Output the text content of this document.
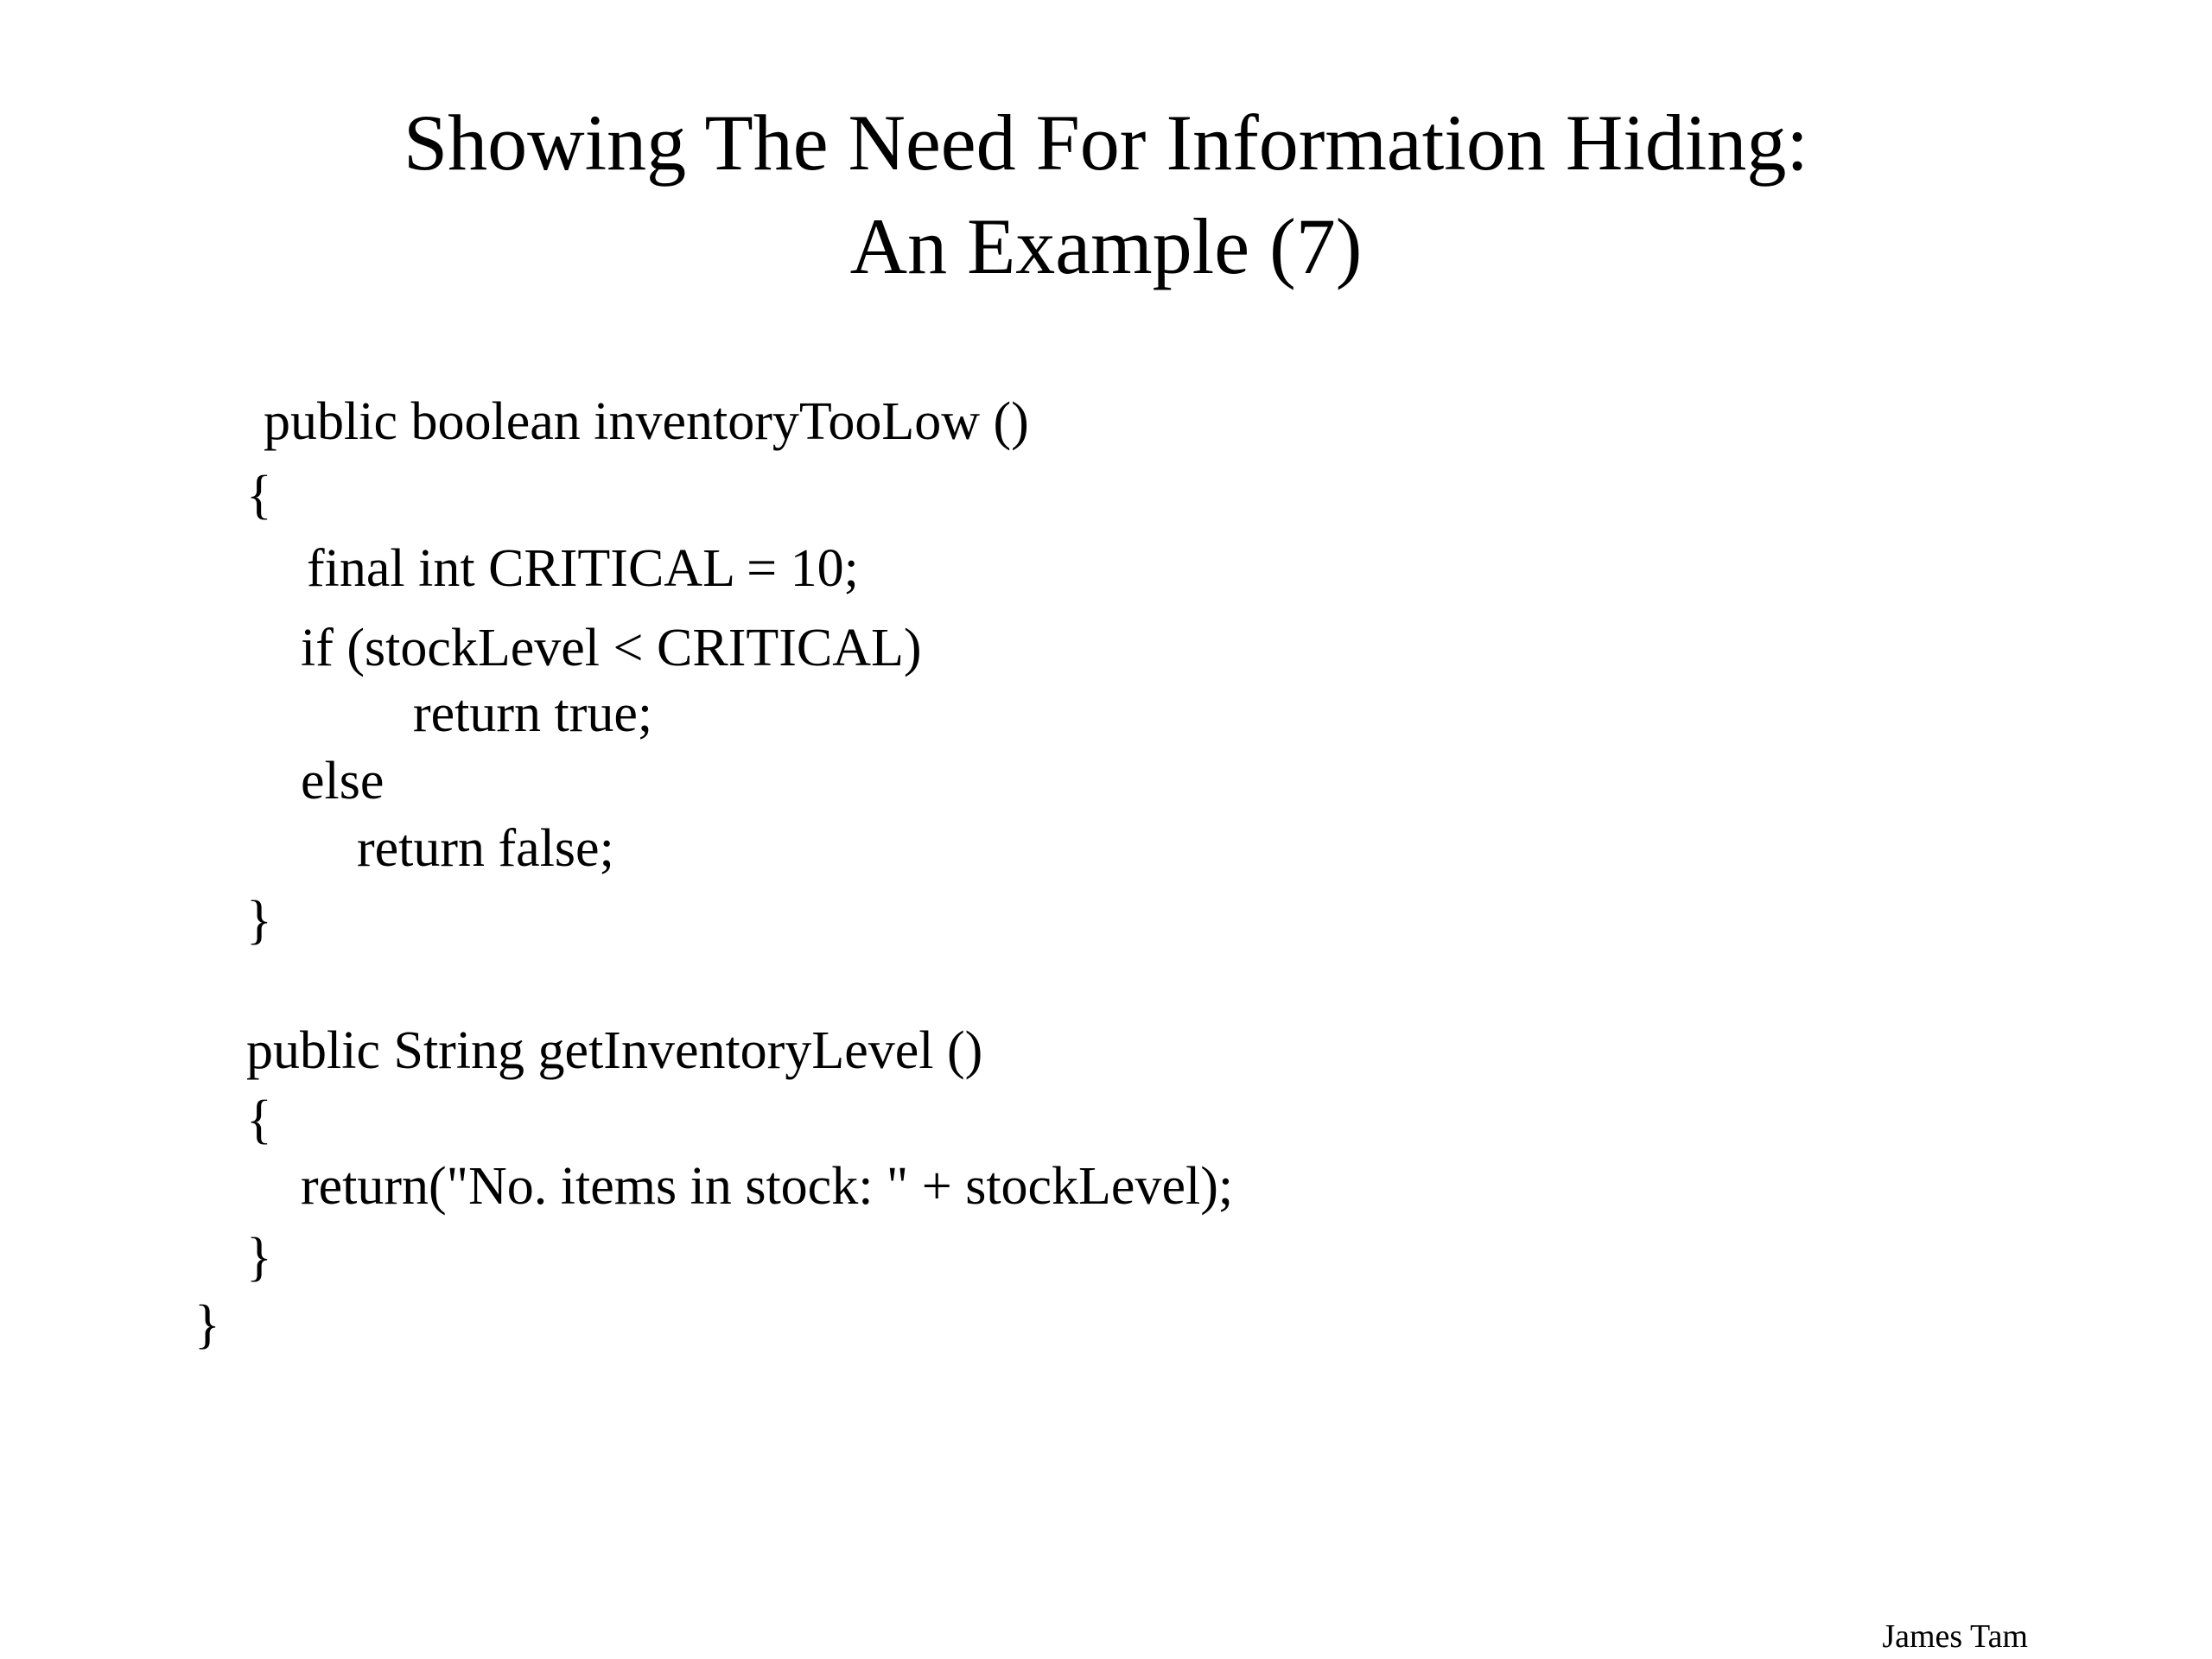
Showing The Need For Information Hiding:
An Example (7)
public boolean inventoryTooLow ()
{
final int CRITICAL = 10;
if (stockLevel < CRITICAL)
return true;
else
return false;
}
public String getInventoryLevel ()
{
return("No. items in stock: " + stockLevel);
}
}
James Tam
